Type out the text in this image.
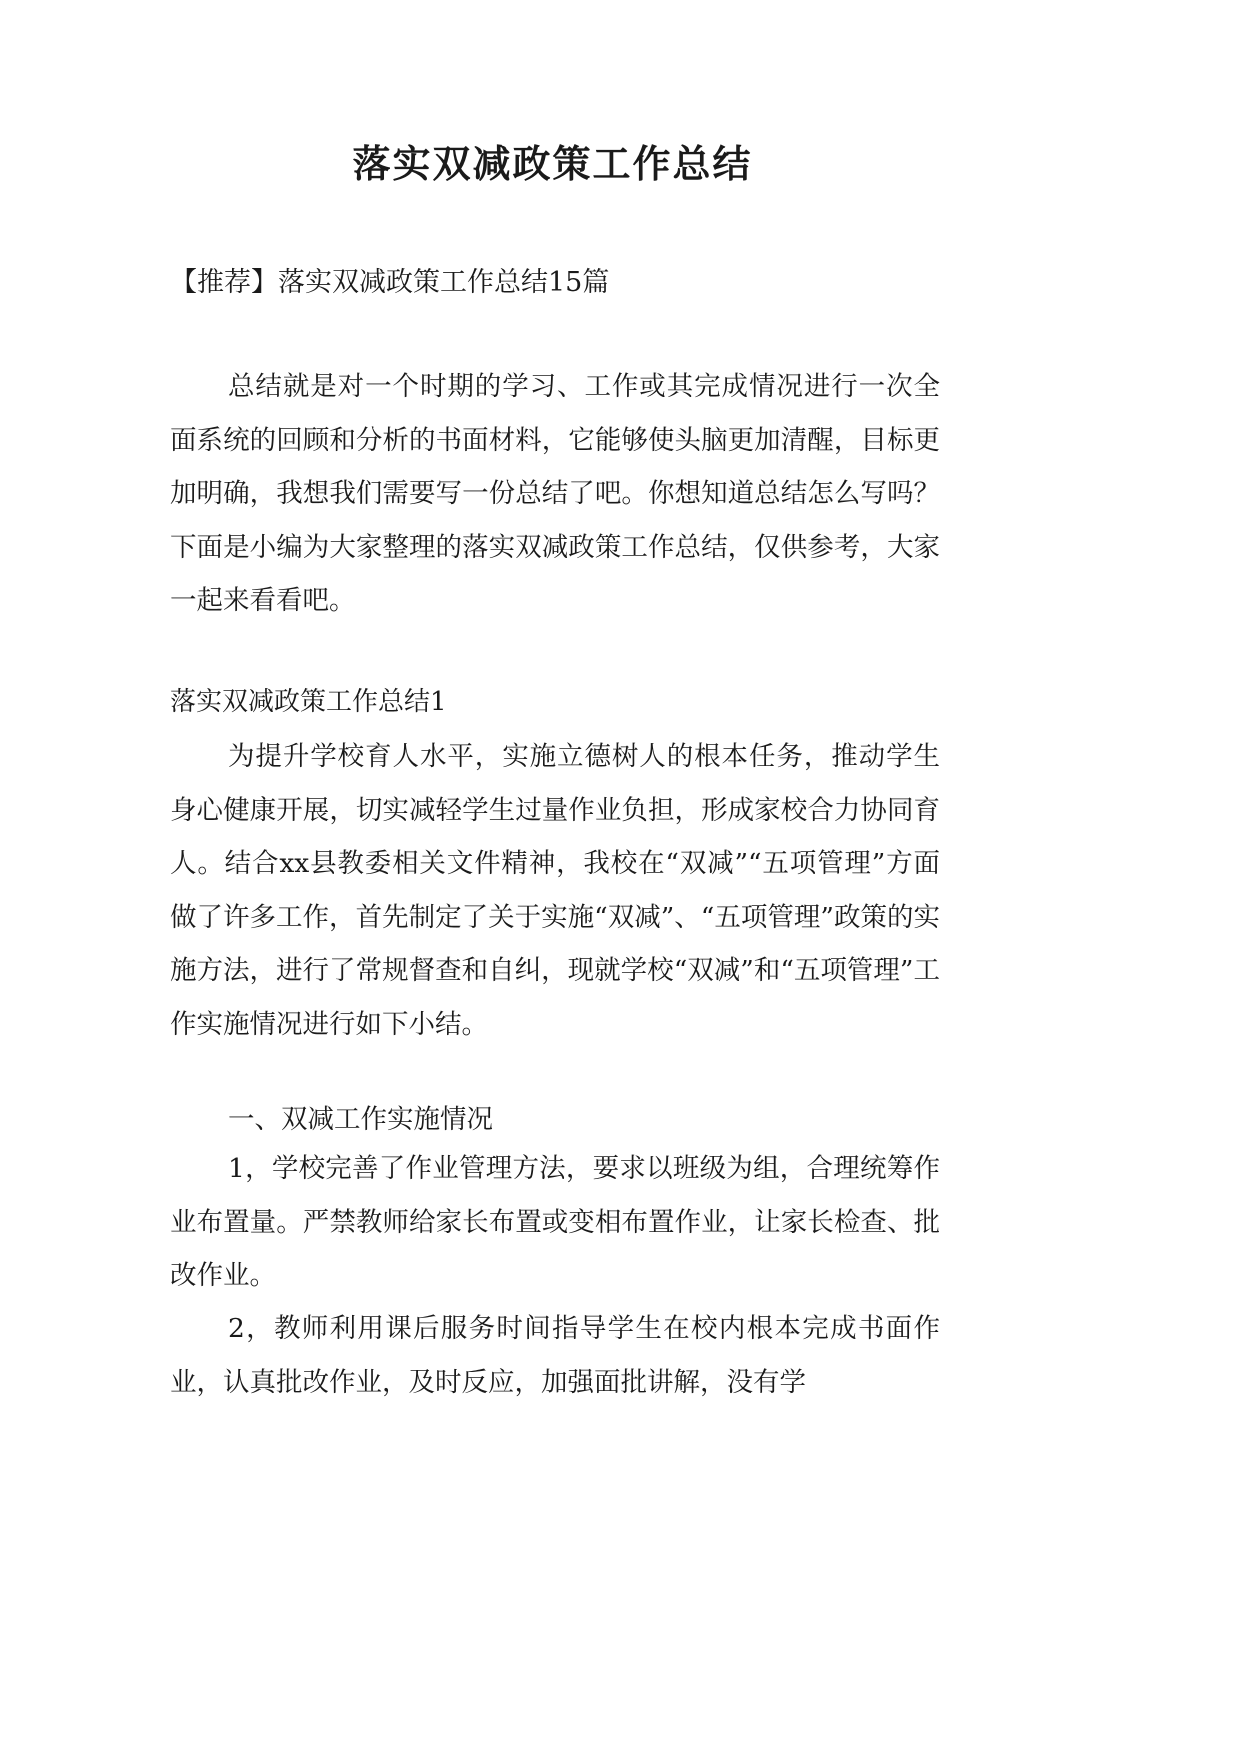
落实双减政策工作总结
【推荐】落实双减政策工作总结15篇

总结就是对一个时期的学习、工作或其完成情况进行一次全面系统的回顾和分析的书面材料，它能够使头脑更加清醒，目标更加明确，我想我们需要写一份总结了吧。你想知道总结怎么写吗？下面是小编为大家整理的落实双减政策工作总结，仅供参考，大家一起来看看吧。

落实双减政策工作总结1

为提升学校育人水平，实施立德树人的根本任务，推动学生身心健康开展，切实减轻学生过量作业负担，形成家校合力协同育人。结合xx县教委相关文件精神，我校在“双减”“五项管理”方面做了许多工作，首先制定了关于实施“双减”、“五项管理”政策的实施方法，进行了常规督查和自纠，现就学校“双减”和“五项管理”工作实施情况进行如下小结。

一、双减工作实施情况

1，学校完善了作业管理方法，要求以班级为组，合理统筹作业布置量。严禁教师给家长布置或变相布置作业，让家长检查、批改作业。

2，教师利用课后服务时间指导学生在校内根本完成书面作业，认真批改作业，及时反应，加强面批讲解，没有学
